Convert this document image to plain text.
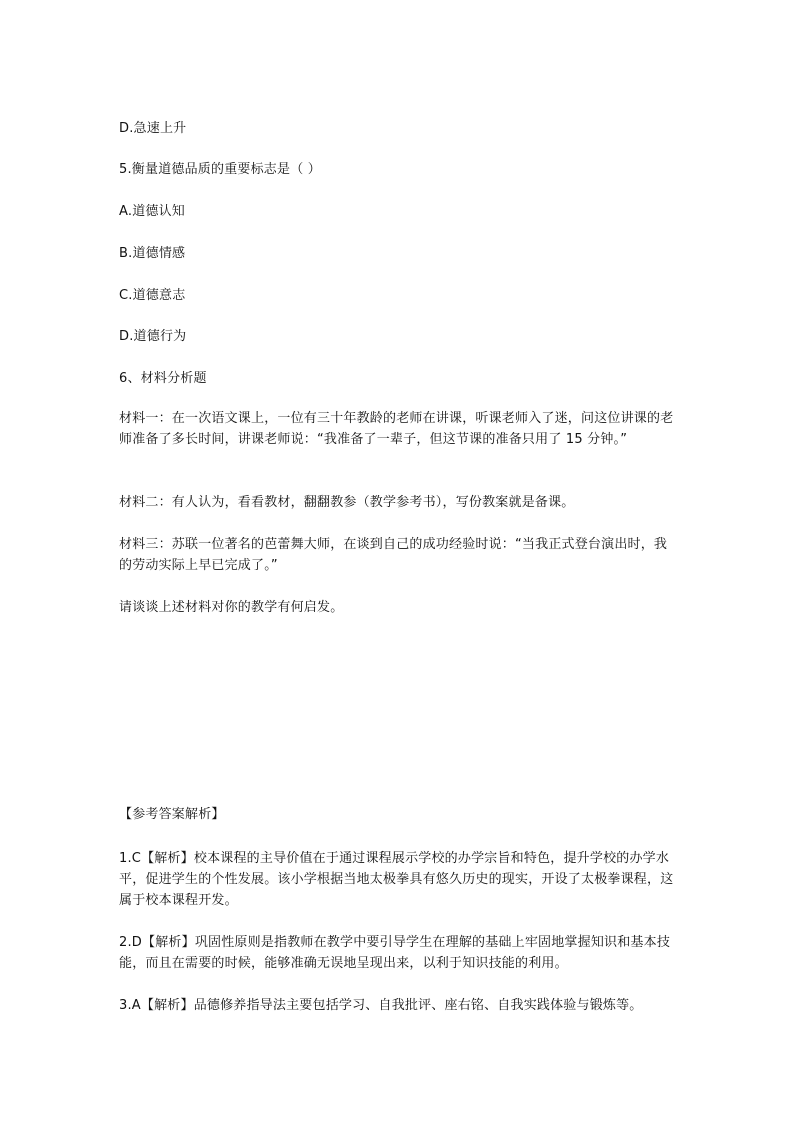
D.急速上升
5.衡量道德品质的重要标志是（ ）
A.道德认知
B.道德情感
C.道德意志
D.道德行为
6、材料分析题
材料一：在一次语文课上，一位有三十年教龄的老师在讲课，听课老师入了迷，问这位讲课的老师准备了多长时间，讲课老师说：“我准备了一辈子，但这节课的准备只用了 15 分钟。”
材料二：有人认为，看看教材，翻翻教参（教学参考书），写份教案就是备课。
材料三：苏联一位著名的芭蕾舞大师，在谈到自己的成功经验时说：“当我正式登台演出时，我的劳动实际上早已完成了。”
请谈谈上述材料对你的教学有何启发。
【参考答案解析】
1.C【解析】校本课程的主导价值在于通过课程展示学校的办学宗旨和特色，提升学校的办学水平，促进学生的个性发展。该小学根据当地太极拳具有悠久历史的现实，开设了太极拳课程，这属于校本课程开发。
2.D【解析】巩固性原则是指教师在教学中要引导学生在理解的基础上牢固地掌握知识和基本技能，而且在需要的时候，能够准确无误地呈现出来，以利于知识技能的利用。
3.A【解析】品德修养指导法主要包括学习、自我批评、座右铭、自我实践体验与锻炼等。
